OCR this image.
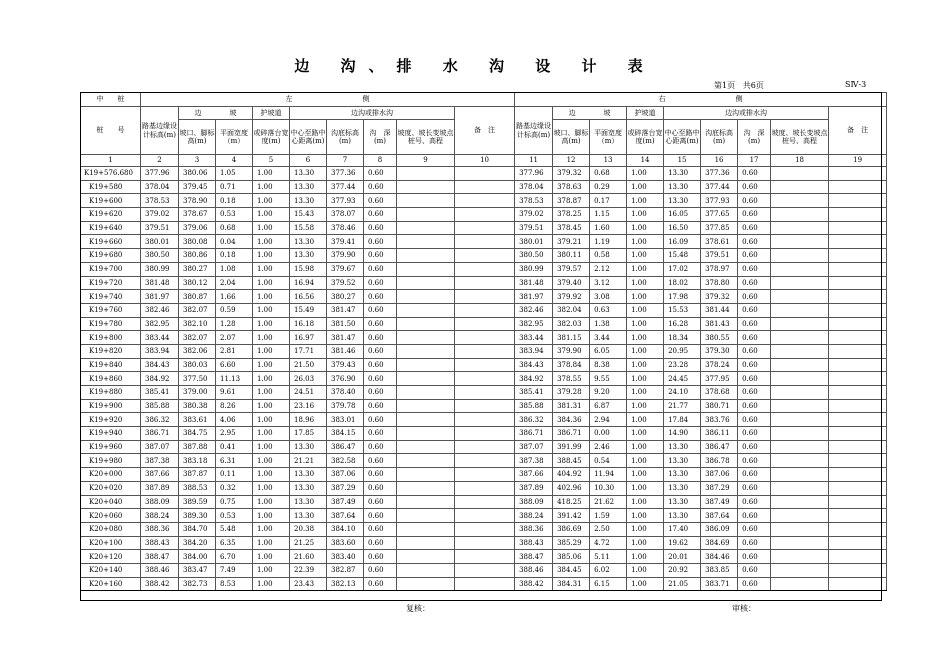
边 沟、排 水 沟 设 计 表
第1页 共6页	SⅣ-3
中　　桩	左　　　　　　　　　　侧									右　　　　　　　　　　侧								
桩　　号	路基边缘设计标高(m)	边　　　　坡		护坡道	边沟或排水沟				备　注	路基边缘设计标高(m)	边　　　　坡		护坡道	边沟或排水沟				备　注
		坡口、脚标高(m)	平面宽度（m）	或碎落台宽度(m)	中心至路中心距离(m)	沟底标高(m)	沟　深(m)	坡度、坡长变坡点桩号、高程			坡口、脚标高(m)	平面宽度（m）	或碎落台宽度(m)	中心至路中心距离(m)	沟底标高(m)	沟　深(m)	坡度、坡长变坡点桩号、高程	
1	2	3	4	5	6	7	8	9	10	11	12	13	14	15	16	17	18	19
K19+576.680	377.96	380.06	1.05	1.00	13.30	377.36	0.60			377.96	379.32	0.68	1.00	13.30	377.36	0.60		
K19+580	378.04	379.45	0.71	1.00	13.30	377.44	0.60			378.04	378.63	0.29	1.00	13.30	377.44	0.60		
K19+600	378.53	378.90	0.18	1.00	13.30	377.93	0.60			378.53	378.87	0.17	1.00	13.30	377.93	0.60		
K19+620	379.02	378.67	0.53	1.00	15.43	378.07	0.60			379.02	378.25	1.15	1.00	16.05	377.65	0.60		
K19+640	379.51	379.06	0.68	1.00	15.58	378.46	0.60			379.51	378.45	1.60	1.00	16.50	377.85	0.60		
K19+660	380.01	380.08	0.04	1.00	13.30	379.41	0.60			380.01	379.21	1.19	1.00	16.09	378.61	0.60		
K19+680	380.50	380.86	0.18	1.00	13.30	379.90	0.60			380.50	380.11	0.58	1.00	15.48	379.51	0.60		
K19+700	380.99	380.27	1.08	1.00	15.98	379.67	0.60			380.99	379.57	2.12	1.00	17.02	378.97	0.60		
K19+720	381.48	380.12	2.04	1.00	16.94	379.52	0.60			381.48	379.40	3.12	1.00	18.02	378.80	0.60		
K19+740	381.97	380.87	1.66	1.00	16.56	380.27	0.60			381.97	379.92	3.08	1.00	17.98	379.32	0.60		
K19+760	382.46	382.07	0.59	1.00	15.49	381.47	0.60			382.46	382.04	0.63	1.00	15.53	381.44	0.60		
K19+780	382.95	382.10	1.28	1.00	16.18	381.50	0.60			382.95	382.03	1.38	1.00	16.28	381.43	0.60		
K19+800	383.44	382.07	2.07	1.00	16.97	381.47	0.60			383.44	381.15	3.44	1.00	18.34	380.55	0.60		
K19+820	383.94	382.06	2.81	1.00	17.71	381.46	0.60			383.94	379.90	6.05	1.00	20.95	379.30	0.60		
K19+840	384.43	380.03	6.60	1.00	21.50	379.43	0.60			384.43	378.84	8.38	1.00	23.28	378.24	0.60		
K19+860	384.92	377.50	11.13	1.00	26.03	376.90	0.60			384.92	378.55	9.55	1.00	24.45	377.95	0.60		
K19+880	385.41	379.00	9.61	1.00	24.51	378.40	0.60			385.41	379.28	9.20	1.00	24.10	378.68	0.60		
K19+900	385.88	380.38	8.26	1.00	23.16	379.78	0.60			385.88	381.31	6.87	1.00	21.77	380.71	0.60		
K19+920	386.32	383.61	4.06	1.00	18.96	383.01	0.60			386.32	384.36	2.94	1.00	17.84	383.76	0.60		
K19+940	386.71	384.75	2.95	1.00	17.85	384.15	0.60			386.71	386.71	0.00	1.00	14.90	386.11	0.60		
K19+960	387.07	387.88	0.41	1.00	13.30	386.47	0.60			387.07	391.99	2.46	1.00	13.30	386.47	0.60		
K19+980	387.38	383.18	6.31	1.00	21.21	382.58	0.60			387.38	388.45	0.54	1.00	13.30	386.78	0.60		
K20+000	387.66	387.87	0.11	1.00	13.30	387.06	0.60			387.66	404.92	11.94	1.00	13.30	387.06	0.60		
K20+020	387.89	388.53	0.32	1.00	13.30	387.29	0.60			387.89	402.96	10.30	1.00	13.30	387.29	0.60		
K20+040	388.09	389.59	0.75	1.00	13.30	387.49	0.60			388.09	418.25	21.62	1.00	13.30	387.49	0.60		
K20+060	388.24	389.30	0.53	1.00	13.30	387.64	0.60			388.24	391.42	1.59	1.00	13.30	387.64	0.60		
K20+080	388.36	384.70	5.48	1.00	20.38	384.10	0.60			388.36	386.69	2.50	1.00	17.40	386.09	0.60		
K20+100	388.43	384.20	6.35	1.00	21.25	383.60	0.60			388.43	385.29	4.72	1.00	19.62	384.69	0.60		
K20+120	388.47	384.00	6.70	1.00	21.60	383.40	0.60			388.47	385.06	5.11	1.00	20.01	384.46	0.60		
K20+140	388.46	383.47	7.49	1.00	22.39	382.87	0.60			388.46	384.45	6.02	1.00	20.92	383.85	0.60		
K20+160	388.42	382.73	8.53	1.00	23.43	382.13	0.60			388.42	384.31	6.15	1.00	21.05	383.71	0.60		
复核：	审核：
